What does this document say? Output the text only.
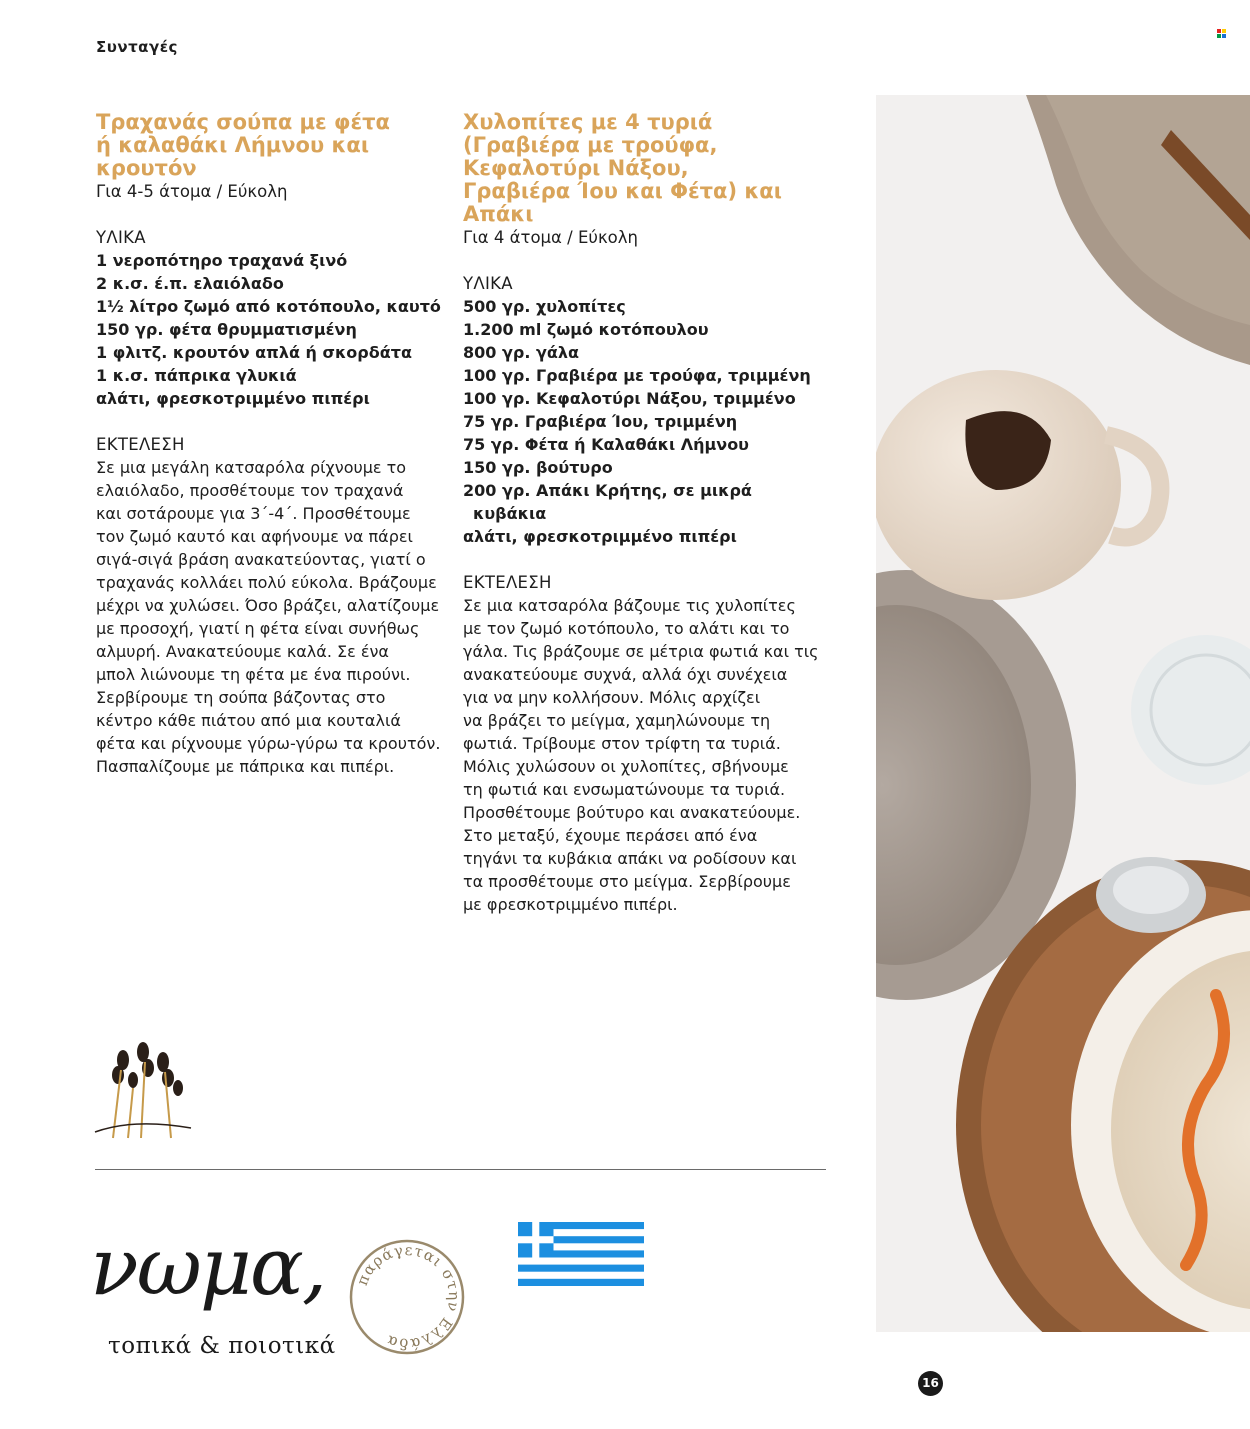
Συνταγές
Τραχανάς σούπα με φέτα
ή καλαθάκι Λήμνου και
κρουτόν

Για 4-5 άτομα / Εύκολη

ΥΛΙΚΑ

1 νεροπότηρο τραχανά ξινό
2 κ.σ. έ.π. ελαιόλαδο
1½ λίτρο ζωμό από κοτόπουλο, καυτό
150 γρ. φέτα θρυμματισμένη
1 φλιτζ. κρουτόν απλά ή σκορδάτα
1 κ.σ. πάπρικα γλυκιά
αλάτι, φρεσκοτριμμένο πιπέρι

ΕΚΤΕΛΕΣΗ

Σε μια μεγάλη κατσαρόλα ρίχνουμε το
ελαιόλαδο, προσθέτουμε τον τραχανά
και σοτάρουμε για 3΄-4΄. Προσθέτουμε
τον ζωμό καυτό και αφήνουμε να πάρει
σιγά-σιγά βράση ανακατεύοντας, γιατί ο
τραχανάς κολλάει πολύ εύκολα. Βράζουμε
μέχρι να χυλώσει. Όσο βράζει, αλατίζουμε
με προσοχή, γιατί η φέτα είναι συνήθως
αλμυρή. Ανακατεύουμε καλά. Σε ένα
μπολ λιώνουμε τη φέτα με ένα πιρούνι.
Σερβίρουμε τη σούπα βάζοντας στο
κέντρο κάθε πιάτου από μια κουταλιά
φέτα και ρίχνουμε γύρω-γύρω τα κρουτόν.
Πασπαλίζουμε με πάπρικα και πιπέρι.

Χυλοπίτες με 4 τυριά
(Γραβιέρα με τρούφα,
Κεφαλοτύρι Νάξου,
Γραβιέρα Ίου και Φέτα) και
Απάκι

Για 4 άτομα / Εύκολη

ΥΛΙΚΑ

500 γρ. χυλοπίτες
1.200 ml ζωμό κοτόπουλου
800 γρ. γάλα
100 γρ. Γραβιέρα με τρούφα, τριμμένη
100 γρ. Κεφαλοτύρι Νάξου, τριμμένο
75 γρ. Γραβιέρα Ίου, τριμμένη
75 γρ. Φέτα ή Καλαθάκι Λήμνου
150 γρ. βούτυρο
200 γρ. Απάκι Κρήτης, σε μικρά
κυβάκια
αλάτι, φρεσκοτριμμένο πιπέρι

ΕΚΤΕΛΕΣΗ

Σε μια κατσαρόλα βάζουμε τις χυλοπίτες
με τον ζωμό κοτόπουλο, το αλάτι και το
γάλα. Τις βράζουμε σε μέτρια φωτιά και τις
ανακατεύουμε συχνά, αλλά όχι συνέχεια
για να μην κολλήσουν. Μόλις αρχίζει
να βράζει το μείγμα, χαμηλώνουμε τη
φωτιά. Τρίβουμε στον τρίφτη τα τυριά.
Μόλις χυλώσουν οι χυλοπίτες, σβήνουμε
τη φωτιά και ενσωματώνουμε τα τυριά.
Προσθέτουμε βούτυρο και ανακατεύουμε.
Στο μεταξύ, έχουμε περάσει από ένα
τηγάνι τα κυβάκια απάκι να ροδίσουν και
τα προσθέτουμε στο μείγμα. Σερβίρουμε
με φρεσκοτριμμένο πιπέρι.

νωμα,
τοπικά & ποιοτικά
παράγεται στην Ελλάδα
16
